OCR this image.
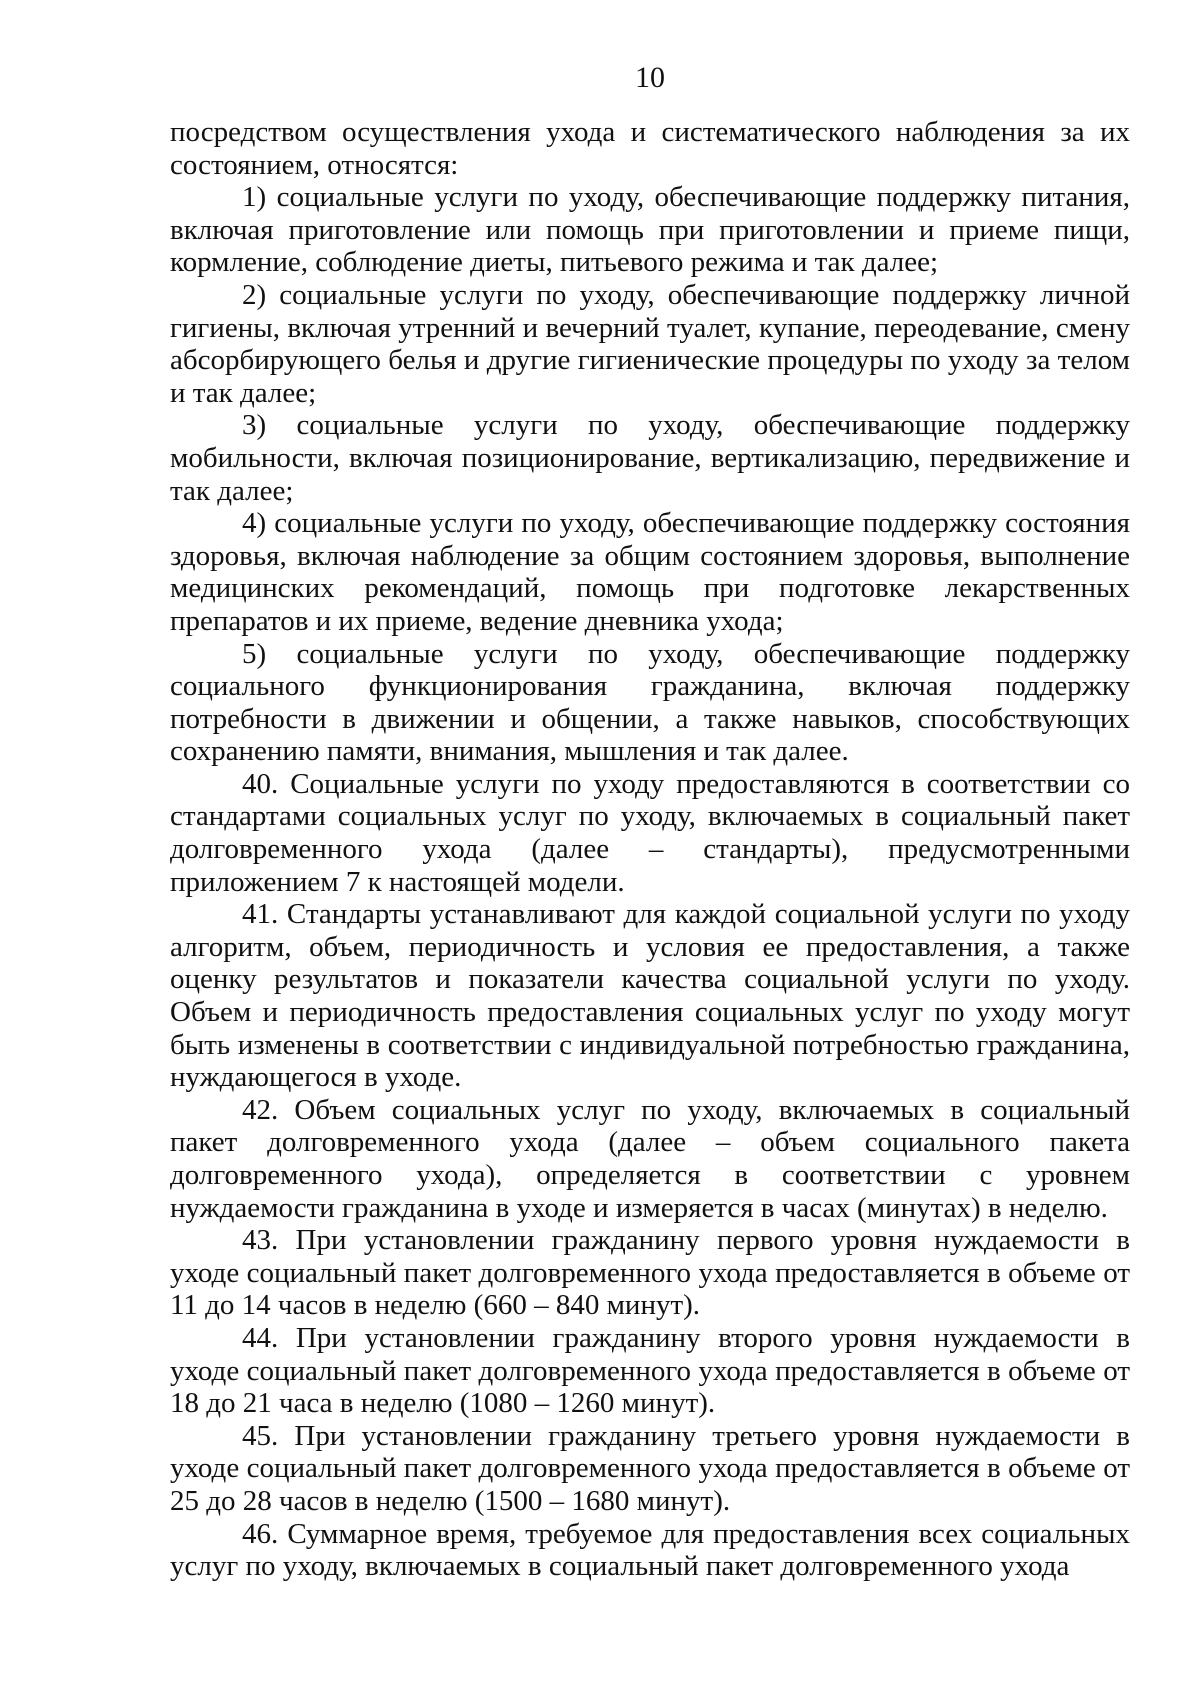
10

посредством осуществления ухода и систематического наблюдения за их состоянием, относятся:

1) социальные услуги по уходу, обеспечивающие поддержку питания, включая приготовление или помощь при приготовлении и приеме пищи, кормление, соблюдение диеты, питьевого режима и так далее;

2) социальные услуги по уходу, обеспечивающие поддержку личной гигиены, включая утренний и вечерний туалет, купание, переодевание, смену абсорбирующего белья и другие гигиенические процедуры по уходу за телом и так далее;

3) социальные услуги по уходу, обеспечивающие поддержку мобильности, включая позиционирование, вертикализацию, передвижение и так далее;

4) социальные услуги по уходу, обеспечивающие поддержку состояния здоровья, включая наблюдение за общим состоянием здоровья, выполнение медицинских рекомендаций, помощь при подготовке лекарственных препаратов и их приеме, ведение дневника ухода;

5) социальные услуги по уходу, обеспечивающие поддержку социального функционирования гражданина, включая поддержку потребности в движении и общении, а также навыков, способствующих сохранению памяти, внимания, мышления и так далее.

40. Социальные услуги по уходу предоставляются в соответствии со стандартами социальных услуг по уходу, включаемых в социальный пакет долговременного ухода (далее – стандарты), предусмотренными приложением 7 к настоящей модели.

41. Стандарты устанавливают для каждой социальной услуги по уходу алгоритм, объем, периодичность и условия ее предоставления, а также оценку результатов и показатели качества социальной услуги по уходу. Объем и периодичность предоставления социальных услуг по уходу могут быть изменены в соответствии с индивидуальной потребностью гражданина, нуждающегося в уходе.

42. Объем социальных услуг по уходу, включаемых в социальный пакет долговременного ухода (далее – объем социального пакета долговременного ухода), определяется в соответствии с уровнем нуждаемости гражданина в уходе и измеряется в часах (минутах) в неделю.

43. При установлении гражданину первого уровня нуждаемости в уходе социальный пакет долговременного ухода предоставляется в объеме от 11 до 14 часов в неделю (660 – 840 минут).

44. При установлении гражданину второго уровня нуждаемости в уходе социальный пакет долговременного ухода предоставляется в объеме от 18 до 21 часа в неделю (1080 – 1260 минут).

45. При установлении гражданину третьего уровня нуждаемости в уходе социальный пакет долговременного ухода предоставляется в объеме от 25 до 28 часов в неделю (1500 – 1680 минут).

46. Суммарное время, требуемое для предоставления всех социальных услуг по уходу, включаемых в социальный пакет долговременного ухода
